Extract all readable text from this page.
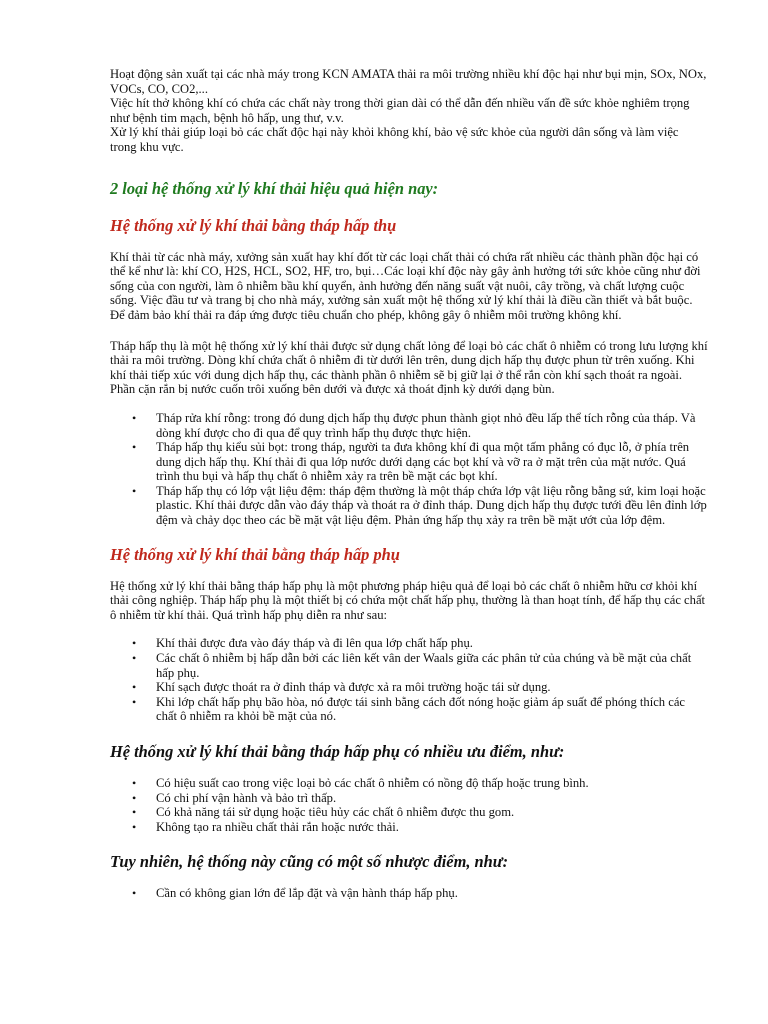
Hoạt động sản xuất tại các nhà máy trong KCN AMATA thải ra môi trường nhiều khí độc hại như bụi mịn, SOx, NOx, VOCs, CO, CO2,...

Việc hít thở không khí có chứa các chất này trong thời gian dài có thể dẫn đến nhiều vấn đề sức khỏe nghiêm trọng như bệnh tim mạch, bệnh hô hấp, ung thư, v.v.

Xử lý khí thải giúp loại bỏ các chất độc hại này khỏi không khí, bảo vệ sức khỏe của người dân sống và làm việc trong khu vực.

2 loại hệ thống xử lý khí thải hiệu quả hiện nay:
Hệ thống xử lý khí thải bằng tháp hấp thụ

Khí thải từ các nhà máy, xưởng sản xuất hay khí đốt từ các loại chất thải có chứa rất nhiều các thành phần độc hại có thể kể như là: khí CO, H2S, HCL, SO2, HF, tro, bụi…Các loại khí độc này gây ảnh hưởng tới sức khỏe cũng như đời sống của con người, làm ô nhiễm bầu khí quyển, ảnh hưởng đến năng suất vật nuôi, cây trồng, và chất lượng cuộc sống. Việc đầu tư và trang bị cho nhà máy, xưởng sản xuất một hệ thống xử lý khí thải là điều cần thiết và bắt buộc. Để đảm bảo khí thải ra đáp ứng được tiêu chuẩn cho phép, không gây ô nhiễm môi trường không khí.

Tháp hấp thụ là một hệ thống xử lý khí thải được sử dụng chất lỏng để loại bỏ các chất ô nhiễm có trong lưu lượng khí thải ra môi trường. Dòng khí chứa chất ô nhiễm đi từ dưới lên trên, dung dịch hấp thụ được phun từ trên xuống. Khi khí thải tiếp xúc với dung dịch hấp thụ, các thành phần ô nhiễm sẽ bị giữ lại ở thể rắn còn khí sạch thoát ra ngoài. Phần cặn rắn bị nước cuốn trôi xuống bên dưới và được xả thoát định kỳ dưới dạng bùn.

• Tháp rửa khí rỗng: trong đó dung dịch hấp thụ được phun thành giọt nhỏ đều lấp thể tích rỗng của tháp. Và dòng khí được cho đi qua để quy trình hấp thụ được thực hiện.
• Tháp hấp thụ kiểu sủi bọt: trong tháp, người ta đưa không khí đi qua một tấm phẳng có đục lỗ, ở phía trên dung dịch hấp thụ. Khí thải đi qua lớp nước dưới dạng các bọt khí và vỡ ra ở mặt trên của mặt nước. Quá trình thu bụi và hấp thụ chất ô nhiễm xảy ra trên bề mặt các bọt khí.
• Tháp hấp thụ có lớp vật liệu đệm: tháp đệm thường là một tháp chứa lớp vật liệu rỗng bằng sứ, kim loại hoặc plastic. Khí thải được dẫn vào đáy tháp và thoát ra ở đỉnh tháp. Dung dịch hấp thụ được tưới đều lên đỉnh lớp đệm và chảy dọc theo các bề mặt vật liệu đệm. Phản ứng hấp thụ xảy ra trên bề mặt ướt của lớp đệm.
Hệ thống xử lý khí thải bằng tháp hấp phụ

Hệ thống xử lý khí thải bằng tháp hấp phụ là một phương pháp hiệu quả để loại bỏ các chất ô nhiễm hữu cơ khỏi khí thải công nghiệp. Tháp hấp phụ là một thiết bị có chứa một chất hấp phụ, thường là than hoạt tính, để hấp thụ các chất ô nhiễm từ khí thải. Quá trình hấp phụ diễn ra như sau:

• Khí thải được đưa vào đáy tháp và đi lên qua lớp chất hấp phụ.
• Các chất ô nhiễm bị hấp dẫn bởi các liên kết vân der Waals giữa các phân tử của chúng và bề mặt của chất hấp phụ.
• Khí sạch được thoát ra ở đỉnh tháp và được xả ra môi trường hoặc tái sử dụng.
• Khi lớp chất hấp phụ bão hòa, nó được tái sinh bằng cách đốt nóng hoặc giảm áp suất để phóng thích các chất ô nhiễm ra khỏi bề mặt của nó.
Hệ thống xử lý khí thải bằng tháp hấp phụ có nhiều ưu điểm, như:
• Có hiệu suất cao trong việc loại bỏ các chất ô nhiễm có nồng độ thấp hoặc trung bình.
• Có chi phí vận hành và bảo trì thấp.
• Có khả năng tái sử dụng hoặc tiêu hủy các chất ô nhiễm được thu gom.
• Không tạo ra nhiều chất thải rắn hoặc nước thải.
Tuy nhiên, hệ thống này cũng có một số nhược điểm, như:
• Cần có không gian lớn để lắp đặt và vận hành tháp hấp phụ.
